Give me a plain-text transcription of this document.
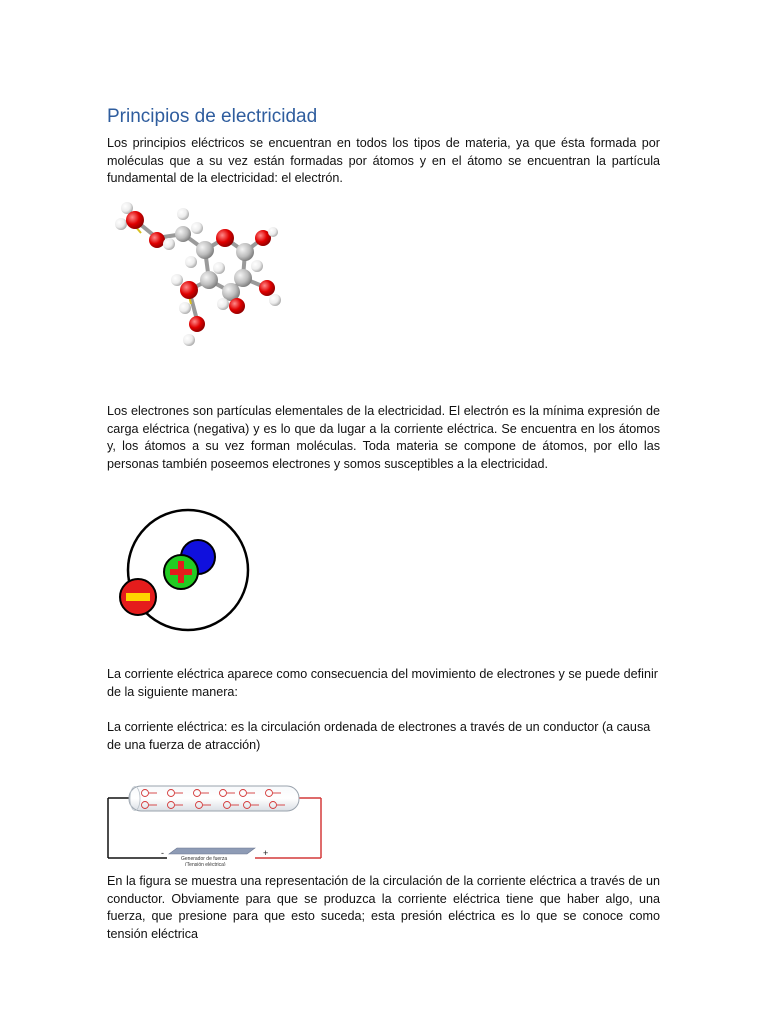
Principios de electricidad

Los principios eléctricos se encuentran en todos los tipos de materia, ya que ésta formada por moléculas que a su vez están formadas por átomos y en el átomo se encuentran la partícula fundamental de la electricidad: el electrón.

Los electrones son partículas elementales de la electricidad. El electrón es la mínima expresión de carga eléctrica (negativa) y es lo que da lugar a la corriente eléctrica. Se encuentra en los átomos y, los átomos a su vez forman moléculas. Toda materia se compone de átomos, por ello las personas también poseemos electrones y somos susceptibles a la electricidad.

La corriente eléctrica aparece como consecuencia del movimiento de electrones y se puede definir de la siguiente manera:

La corriente eléctrica: es la circulación ordenada de electrones a través de un conductor (a causa de una fuerza de atracción)

-	+
Generador de fuerza
(Tensión eléctrica)

En la figura se muestra una representación de la circulación de la corriente eléctrica a través de un conductor. Obviamente para que se produzca la corriente eléctrica tiene que haber algo, una fuerza, que presione para que esto suceda; esta presión eléctrica es lo que se conoce como tensión eléctrica
